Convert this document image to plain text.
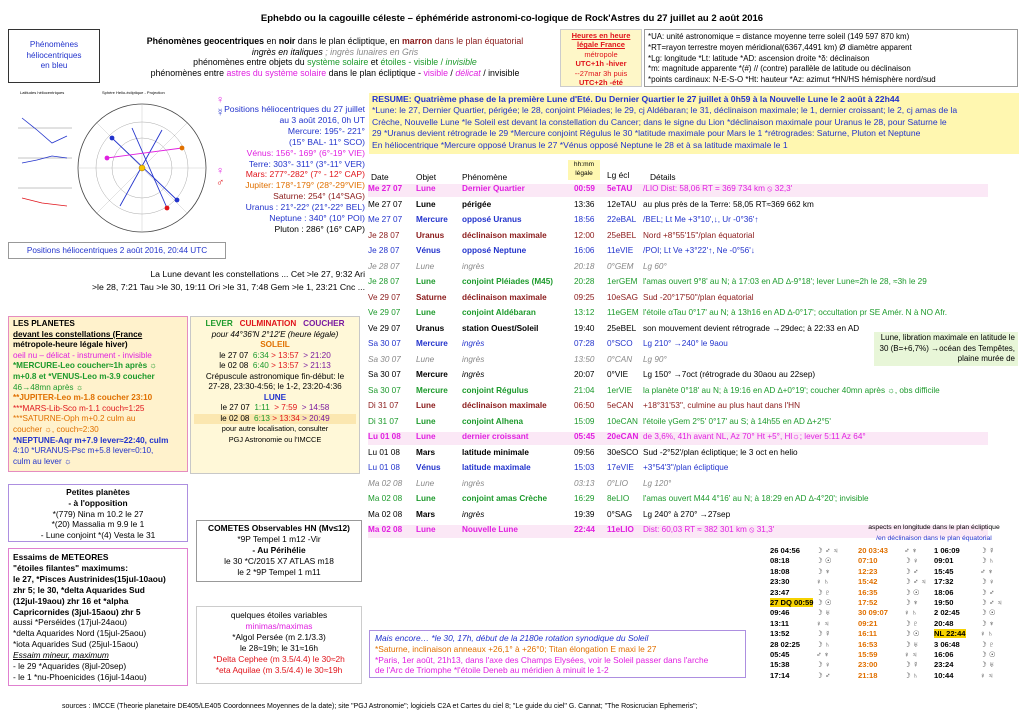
Ephebdo ou la cagouille céleste – éphéméride astronomi-co-logique de Rock'Astres du 27 juillet au 2 août 2016
Phénomènes
héliocentriques
en bleu
Phénomènes geocentriques en noir dans le plan écliptique, en marron dans le plan équatorial
ingrès en italiques ; ingrès lunaires en Gris
phénomènes entre objets du système solaire et étoiles - visible / invisible
phénomènes entre astres du système solaire dans le plan écliptique - visible / délicat / invisible
Heures en heure
légale France
métropole
UTC+1h -hiver
--27mar 3h puis
UTC+2h -été
*UA: unité astronomique = distance moyenne terre soleil (149 597 870 km)
*RT=rayon terrestre moyen méridional(6367,4491 km) Ø diamètre apparent
*Lg: longitude *Lt: latitude *AD: ascension droite *δ: déclinaison
*m: magnitude apparente *(#) // (contre) parallèle de latitude ou déclinaison
*points cardinaux: N-E-S-O *Ht: hauteur *Az: azimut *HN/HS hémisphère nord/sud
Latitudes héliocentriques	Sphère Helio-écliptique - Projection
♀
☿
♀
♂
Positions héliocentriques du 27 juillet
au 3 août 2016, 0h UT
Mercure: 195°- 221°
(15° BAL- 11° SCO)
Vénus: 156°- 169° (6°-19° VIE)
Terre: 303°- 311° (3°-11° VER)
Mars: 277°-282° (7° - 12° CAP)
Jupiter: 178°-179° (28°-29°VIE)
Saturne: 254° (14°SAG)
Uranus : 21°-22° (21°-22° BEL)
Neptune : 340° (10° POI)
Pluton : 286° (16° CAP)
Positions héliocentriques 2 août 2016, 20:44 UTC
RESUME: Quatrième phase de la première Lune d'Eté. Du Dernier Quartier le 27 juillet à 0h59 à la Nouvelle Lune le 2 août à 22h44
*Lune: le 27, Dernier Quartier, périgée; le 28, conjoint Pléiades; le 29, cj Aldébaran; le 31, déclinaison maximale; le 1, dernier croissant; le 2, cj amas de la
Crèche, Nouvelle Lune *le Soleil est devant la constellation du Cancer; dans le signe du Lion *déclinaison maximale pour Uranus le 28, pour Saturne le
29 *Uranus devient rétrograde le 29 *Mercure conjoint Régulus le 30 *latitude maximale pour Mars le 1 *rétrogrades: Saturne, Pluton et Neptune
En héliocentrique *Mercure opposé Uranus le 27 *Vénus opposé Neptune le 28 et à sa latitude maximale le 1
Date	Objet	Phénomène
hh:mm légale	Lg écl Détails
Me 27 07 Lune	Dernier Quartier	00:59 5eTAU /LIO Dist: 58,06 RT = 369 734 km ⦸ 32,3'
Me 27 07 Lune	périgée	13:36 12eTAU au plus près de la Terre: 58,05 RT≈369 662 km
Me 27 07 Mercure opposé Uranus	18:56 22eBAL /BEL; Lt Me +3°10',↓, Ur -0°36'↑
Je 28 07 Uranus déclinaison maximale	12:00 25eBEL Nord +8°55'15"/plan équatorial
Je 28 07 Vénus	opposé Neptune	16:06 11eVIE /POI; Lt Ve +3°22'↑, Ne -0°56'↓
Je 28 07 Lune	ingrès	20:18 0°GEM Lg 60°
Je 28 07 Lune	conjoint Pléiades (M45)	20:28 1erGEM l'amas ouvert 9°8' au N; à 17:03 en AD ∆-9°18'; lever Lune≈2h le 28, ≈3h le 29
Ve 29 07 Saturne déclinaison maximale	09:25 10eSAG Sud -20°17'50"/plan équatorial
Ve 29 07 Lune	conjoint Aldébaran	13:12 11eGEM l'étoile αTau 0°17' au N; à 13h16 en AD ∆-0°17'; occultation pr SE Amér. N à NO Afr.
Ve 29 07 Uranus station Ouest/Soleil	19:40 25eBEL son mouvement devient rétrograde →29dec; à 22:33 en AD
Sa 30 07 Mercure ingrès	07:28 0°SCO Lg 210° →240° le 9aou
Sa 30 07 Lune	ingrès	13:50 0°CAN Lg 90°
Sa 30 07 Mercure ingrès	20:07 0°VIE Lg 150° →7oct (rétrograde du 30aou au 22sep)
Sa 30 07 Mercure conjoint Régulus	21:04 1erVIE la planète 0°18' au N; à 19:16 en AD ∆+0°19'; coucher 40mn après ☼, obs difficile
Di 31 07 Lune	déclinaison maximale	06:50 5eCAN +18°31'53", culmine au plus haut dans l'HN
Di 31 07 Lune	conjoint Alhena	15:09 10eCAN l'étoile γGem 2°5' 0°17' au S; à 14h55 en AD ∆+2°5'
Lu 01 08 Lune	dernier croissant	05:45 20eCAN de 3,6%, 41h avant NL, Az 70° Ht +5°, Hl☼; lever 5:11 Az 64°
Lu 01 08 Mars	latitude minimale	09:56 30eSCO Sud -2°52'/plan écliptique; le 3 oct en helio
Lu 01 08 Vénus	latitude maximale	15:03 17eVIE +3°54'3"/plan écliptique
Ma 02 08 Lune	ingrès	03:13 0°LIO Lg 120°
Ma 02 08 Lune	conjoint amas Crèche	16:29 8eLIO l'amas ouvert M44 4°16' au N; à 18:29 en AD ∆-4°20'; invisible
Ma 02 08 Mars	ingrès	19:39 0°SAG Lg 240° à 270° →27sep
Ma 02 08 Lune	Nouvelle Lune	22:44 11eLIO Dist: 60,03 RT ≈ 382 301 km ⦸ 31,3'
Lune, libration maximale en latitude le 30 (B=+6,7%) →océan des Tempêtes, plaine murée de
La Lune devant les constellations ... Cet >le 27, 9:32 Ari
>le 28, 7:21 Tau >le 30, 19:11 Ori >le 31, 7:48 Gem >le 1, 23:21 Cnc ...
LES PLANETES
devant les constellations (France
métropole-heure légale hiver)
oeil nu – délicat - instrument - invisible
*MERCURE-Leo coucher≈1h après ☼
m+0.8 et *VENUS-Leo m-3.9 coucher
46→48mn après ☼
**JUPITER-Leo m-1.8 coucher 23:10
***MARS-Lib-Sco m-1.1 couch≈1:25
***SATURNE-Oph m+0.2 culm au
coucher ☼, couch≈2:30
*NEPTUNE-Aqr m+7.9 lever≈22:40, culm
4:10 *URANUS-Psc m+5.8 lever≈0:10,
culm au lever ☼
LEVER CULMINATION COUCHER
pour 44°36'N 2°12'E (heure légale)
SOLEIL
le 27 07 6:34 > 13:57 > 21:20
le 02 08 6:40 > 13:57 > 21:13
Crépuscule astronomique fin-début: le
27-28, 23:30-4:56; le 1-2, 23:20-4:36
LUNE
le 27 07 1:11 > 7:59 > 14:58
le 02 08 6:13 > 13:34 > 20:49
pour autre localisation, consulter
PGJ Astronomie ou l'IMCCE
Petites planètes
- à l'opposition
*(779) Nina m 10.2 le 27
*(20) Massalia m 9.9 le 1
- Lune conjoint *(4) Vesta le 31
COMETES Observables HN (Mv≤12)
*9P Tempel 1 m12 -Vir
- Au Périhélie
le 30 *C/2015 X7 ATLAS m18
le 2 *9P Tempel 1 m11
Essaims de METEORES
"étoiles filantes" maximums:
le 27, *Pisces Austrinides(15jul-10aou)
zhr 5; le 30, *delta Aquarides Sud
(12jul-19aou) zhr 16 et *alpha
Capricornides (3jul-15aou) zhr 5
aussi *Perséides (17jul-24aou)
*delta Aquarides Nord (15jul-25aou)
*iota Aquarides Sud (25jul-15aou)
Essaim mineur, maximum
- le 29 *Aquarides (8jul-20sep)
- le 1 *nu-Phoenicides (16jul-14aou)
quelques étoiles variables
minimas/maximas
*Algol Persée (m 2.1/3.3)
le 28≈19h; le 31≈16h
*Delta Cephee (m 3.5/4.4) le 30≈2h
*eta Aquilae (m 3.5/4.4) le 30≈19h
Mais encore… *le 30, 17h, début de la 2180e rotation synodique du Soleil
*Saturne, inclinaison anneaux +26,1° à +26°0; Titan élongation E maxi le 27
*Paris, 1er août, 21h13, dans l'axe des Champs Elysées, voir le Soleil passer dans l'arche
de l'Arc de Triomphe *l'étoile Deneb au méridien à minuit le 1-2
aspects en longitude dans le plan écliptique
/en déclinaison dans le plan équatorial
26 04:56 ☽ ♂ ♃	20 03:43 ♂ ♆ 1 06:09	☽ ☿
08:18	☽ ☉	07:10	☽ ♀ 09:01	☽ ♄
18:08	☽ ♆	12:23	☽ ♂ 15:45	♂ ♆
23:30	♀ ♄	15:42	☽ ♂ ♃ 17:32	☽ ♀
23:47	☽ ♇	16:35	☽ ☉ 18:06	☽ ♂
27 DQ 00:59 ☽ ☉	17:52	☽ ♆ 19:50	☽ ♂ ♃
09:46	☽ ♅	30 09:07 ♀ ♄ 2 02:45	☽ ☉
13:11	♀ ♃	09:21	☽ ♇ 20:48	☽ ♆
13:52	☽ ☿	16:11	☽ ☉ NL 22:44 ♀ ♄
28 02:25 ☽ ♄	16:53	☽ ♅ 3 06:48	☽ ♇
05:45	♂ ♆	15:59	♀ ♃ 16:06	☽ ☉
15:38	☽ ♀	23:00	☽ ☿ 23:24	☽ ♅
17:14	☽ ♂	21:18	☽ ♄ 10:44	♀ ♃
sources : IMCCE (Theorie planetaire DE405/LE405 Coordonnees Moyennes de la date); site "PGJ Astronomie"; logiciels C2A et Cartes du ciel 8; "Le guide du ciel" G. Cannat; "The Rosicrucian Ephemeris";
